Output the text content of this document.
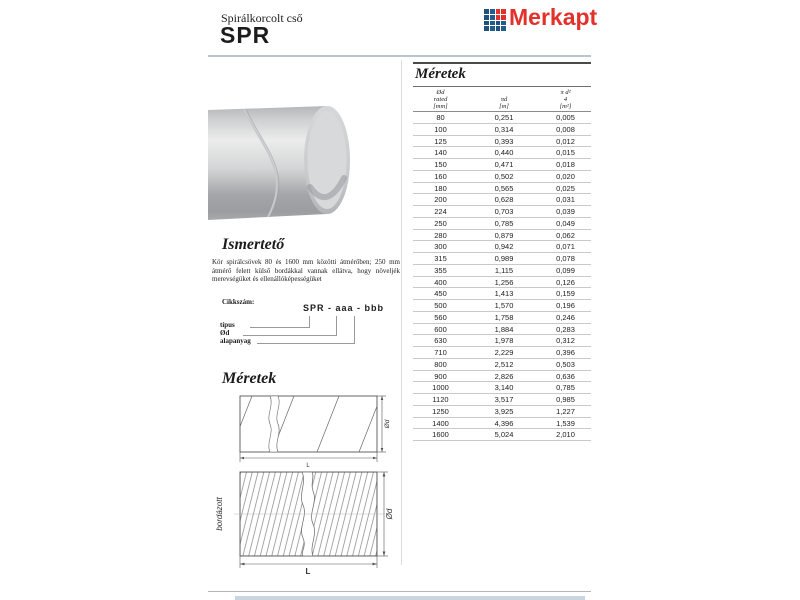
Spirálkorcolt cső
SPR
Merkapt
Ismertető
Kör spirálcsövek 80 és 1600 mm közötti átmérőben; 250 mm átmérő felett külső bordákkal vannak ellátva, hogy növeljék merevségüket és ellenállóképességüket
Cikkszám:
SPR - aaa - bbb
típus
Ød
alapanyag
Méretek
Ød
L
bordázott	Ød
L
Méretek
Ød
rated
[mm]
πd
[m]
π d²
4
[m²]
80	0,251	0,005
100	0,314	0,008
125	0,393	0,012
140	0,440	0,015
150	0,471	0,018
160	0,502	0,020
180	0,565	0,025
200	0,628	0,031
224	0,703	0,039
250	0,785	0,049
280	0,879	0,062
300	0,942	0,071
315	0,989	0,078
355	1,115	0,099
400	1,256	0,126
450	1,413	0,159
500	1,570	0,196
560	1,758	0,246
600	1,884	0,283
630	1,978	0,312
710	2,229	0,396
800	2,512	0,503
900	2,826	0,636
1000	3,140	0,785
1120	3,517	0,985
1250	3,925	1,227
1400	4,396	1,539
1600	5,024	2,010
